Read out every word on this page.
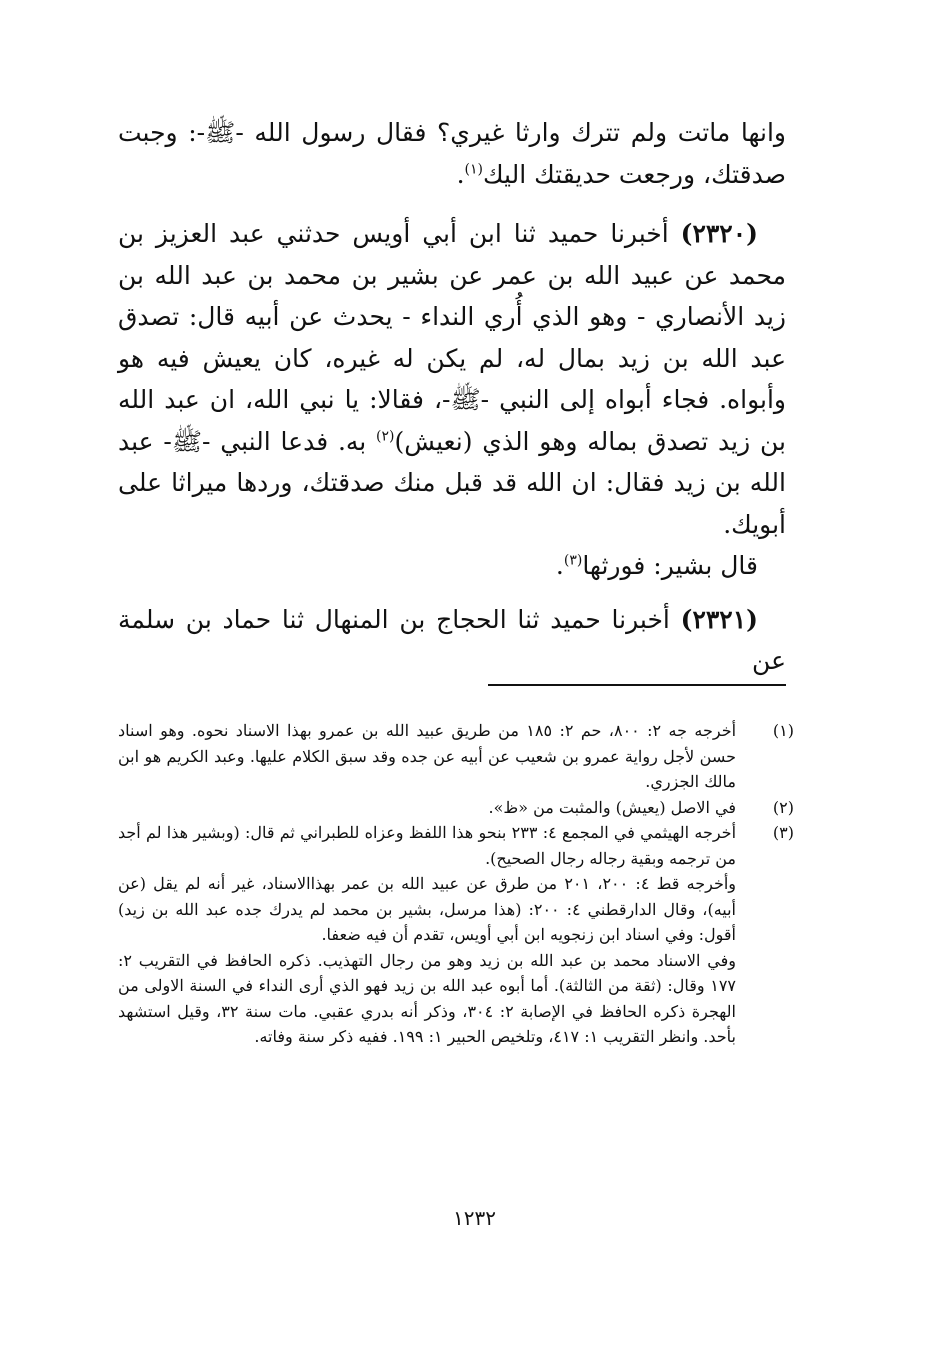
وانها ماتت ولم تترك وارثا غيري؟ فقال رسول الله -ﷺ-: وجبت صدقتك، ورجعت حديقتك اليك$^{(١)}$.

(٢٣٢٠) أخبرنا حميد ثنا ابن أبي أويس حدثني عبد العزيز بن محمد عن عبيد الله بن عمر عن بشير بن محمد بن عبد الله بن زيد الأنصاري - وهو الذي أُري النداء - يحدث عن أبيه قال: تصدق عبد الله بن زيد بمال له، لم يكن له غيره، كان يعيش فيه هو وأبواه. فجاء أبواه إلى النبي -ﷺ-، فقالا: يا نبي الله، ان عبد الله بن زيد تصدق بماله وهو الذي (نعيش)$^{(٢)}$ به. فدعا النبي -ﷺ- عبد الله بن زيد فقال: ان الله قد قبل منك صدقتك، وردها ميراثا على أبويك.

قال بشير: فورثها$^{(٣)}$.

(٢٣٢١) أخبرنا حميد ثنا الحجاج بن المنهال ثنا حماد بن سلمة عن

(١)

أخرجه جه ٢: ٨٠٠، حم ٢: ١٨٥ من طريق عبيد الله بن عمرو بهذا الاسناد نحوه. وهو اسناد حسن لأجل رواية عمرو بن شعيب عن أبيه عن جده وقد سبق الكلام عليها. وعبد الكريم هو ابن مالك الجزري.

(٢)

في الاصل (يعيش) والمثبت من «ظ».

(٣)

أخرجه الهيثمي في المجمع ٤: ٢٣٣ بنحو هذا اللفظ وعزاه للطبراني ثم قال: (وبشير هذا لم أجد من ترجمه وبقية رجاله رجال الصحيح).

وأخرجه قط ٤: ٢٠٠، ٢٠١ من طرق عن عبيد الله بن عمر بهذاالاسناد، غير أنه لم يقل (عن أبيه)، وقال الدارقطني ٤: ٢٠٠: (هذا مرسل، بشير بن محمد لم يدرك جده عبد الله بن زيد) أقول: وفي اسناد ابن زنجويه ابن أبي أويس، تقدم أن فيه ضعفا.

وفي الاسناد محمد بن عبد الله بن زيد وهو من رجال التهذيب. ذكره الحافظ في التقريب ٢: ١٧٧ وقال: (ثقة من الثالثة). أما أبوه عبد الله بن زيد فهو الذي أرى النداء في السنة الاولى من الهجرة ذكره الحافظ في الإصابة ٢: ٣٠٤، وذكر أنه بدري عقبي. مات سنة ٣٢، وقيل استشهد بأحد. وانظر التقريب ١: ٤١٧، وتلخيص الحبير ١: ١٩٩. ففيه ذكر سنة وفاته.

١٢٣٢
